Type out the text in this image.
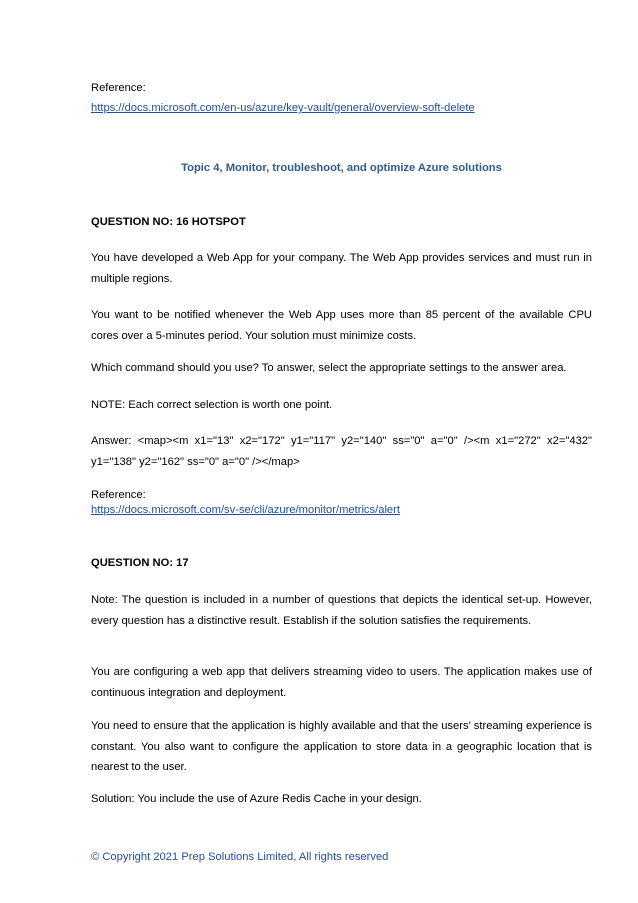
Reference:

https://docs.microsoft.com/en-us/azure/key-vault/general/overview-soft-delete

Topic 4, Monitor, troubleshoot, and optimize Azure solutions

QUESTION NO: 16 HOTSPOT

You have developed a Web App for your company. The Web App provides services and must run in multiple regions.

You want to be notified whenever the Web App uses more than 85 percent of the available CPU cores over a 5-minutes period. Your solution must minimize costs.

Which command should you use? To answer, select the appropriate settings to the answer area.

NOTE: Each correct selection is worth one point.

Answer: <map><m x1="13" x2="172" y1="117" y2="140" ss="0" a="0" /><m x1="272" x2="432" y1="138" y2="162" ss="0" a="0" /></map>

Reference:

https://docs.microsoft.com/sv-se/cli/azure/monitor/metrics/alert

QUESTION NO: 17

Note: The question is included in a number of questions that depicts the identical set-up. However, every question has a distinctive result. Establish if the solution satisfies the requirements.

You are configuring a web app that delivers streaming video to users. The application makes use of continuous integration and deployment.

You need to ensure that the application is highly available and that the users’ streaming experience is constant. You also want to configure the application to store data in a geographic location that is nearest to the user.

Solution: You include the use of Azure Redis Cache in your design.

© Copyright 2021 Prep Solutions Limited, All rights reserved
